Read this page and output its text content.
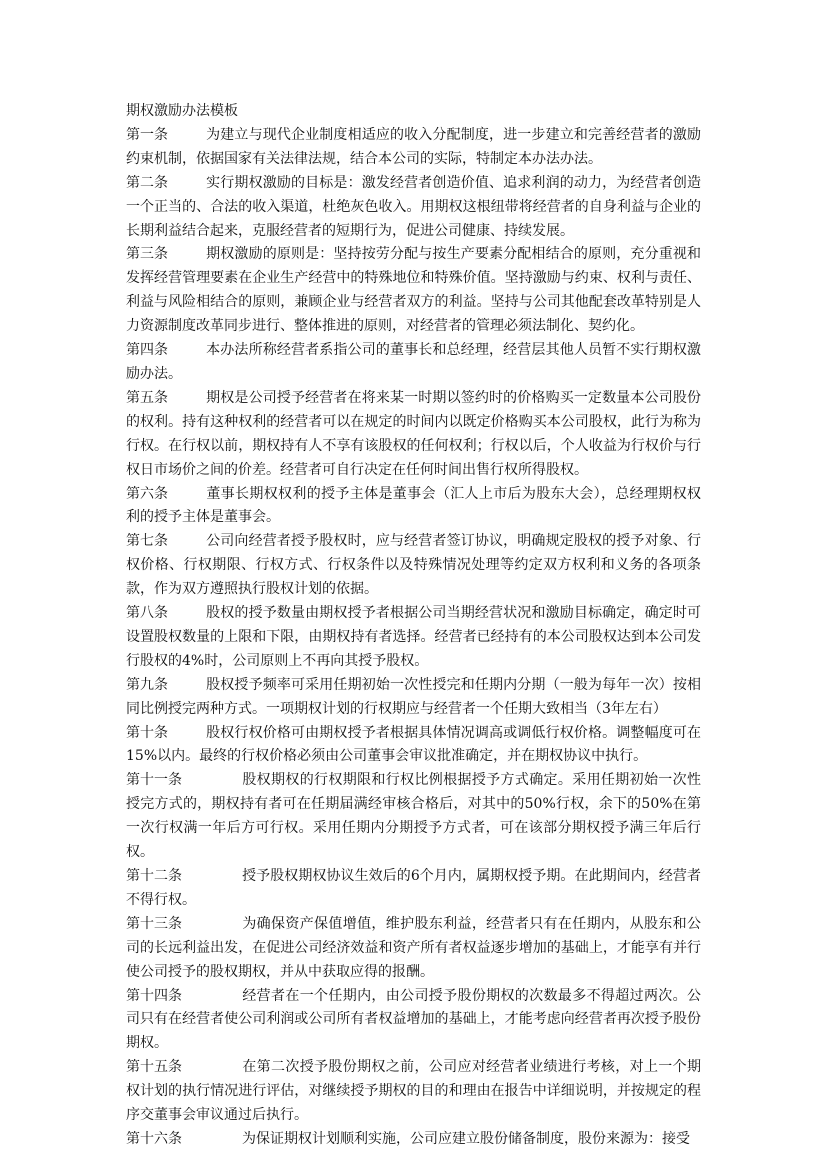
期权激励办法模板

第一条	为建立与现代企业制度相适应的收入分配制度，进一步建立和完善经营者的激励约束机制，依据国家有关法律法规，结合本公司的实际，特制定本办法办法。

第二条	实行期权激励的目标是：激发经营者创造价值、追求利润的动力，为经营者创造一个正当的、合法的收入渠道，杜绝灰色收入。用期权这根纽带将经营者的自身利益与企业的长期利益结合起来，克服经营者的短期行为，促进公司健康、持续发展。

第三条	期权激励的原则是：坚持按劳分配与按生产要素分配相结合的原则，充分重视和发挥经营管理要素在企业生产经营中的特殊地位和特殊价值。坚持激励与约束、权利与责任、利益与风险相结合的原则，兼顾企业与经营者双方的利益。坚持与公司其他配套改革特别是人力资源制度改革同步进行、整体推进的原则，对经营者的管理必须法制化、契约化。

第四条	本办法所称经营者系指公司的董事长和总经理，经营层其他人员暂不实行期权激励办法。

第五条	期权是公司授予经营者在将来某一时期以签约时的价格购买一定数量本公司股份的权利。持有这种权利的经营者可以在规定的时间内以既定价格购买本公司股权，此行为称为行权。在行权以前，期权持有人不享有该股权的任何权利；行权以后，个人收益为行权价与行权日市场价之间的价差。经营者可自行决定在任何时间出售行权所得股权。

第六条	董事长期权权利的授予主体是董事会（汇人上市后为股东大会），总经理期权权利的授予主体是董事会。

第七条	公司向经营者授予股权时，应与经营者签订协议，明确规定股权的授予对象、行权价格、行权期限、行权方式、行权条件以及特殊情况处理等约定双方权利和义务的各项条款，作为双方遵照执行股权计划的依据。

第八条	股权的授予数量由期权授予者根据公司当期经营状况和激励目标确定，确定时可设置股权数量的上限和下限，由期权持有者选择。经营者已经持有的本公司股权达到本公司发行股权的4%时，公司原则上不再向其授予股权。

第九条	股权授予频率可采用任期初始一次性授完和任期内分期（一般为每年一次）按相同比例授完两种方式。一项期权计划的行权期应与经营者一个任期大致相当（3年左右）

第十条	股权行权价格可由期权授予者根据具体情况调高或调低行权价格。调整幅度可在15%以内。最终的行权价格必须由公司董事会审议批准确定，并在期权协议中执行。

第十一条	股权期权的行权期限和行权比例根据授予方式确定。采用任期初始一次性授完方式的，期权持有者可在任期届满经审核合格后，对其中的50%行权，余下的50%在第一次行权满一年后方可行权。采用任期内分期授予方式者，可在该部分期权授予满三年后行权。

第十二条	授予股权期权协议生效后的6个月内，属期权授予期。在此期间内，经营者不得行权。

第十三条	为确保资产保值增值，维护股东利益，经营者只有在任期内，从股东和公司的长远利益出发，在促进公司经济效益和资产所有者权益逐步增加的基础上，才能享有并行使公司授予的股权期权，并从中获取应得的报酬。

第十四条	经营者在一个任期内，由公司授予股份期权的次数最多不得超过两次。公司只有在经营者使公司利润或公司所有者权益增加的基础上，才能考虑向经营者再次授予股份期权。

第十五条	在第二次授予股份期权之前，公司应对经营者业绩进行考核，对上一个期权计划的执行情况进行评估，对继续授予期权的目的和理由在报告中详细说明，并按规定的程序交董事会审议通过后执行。

第十六条	为保证期权计划顺利实施，公司应建立股份储备制度，股份来源为：接受
